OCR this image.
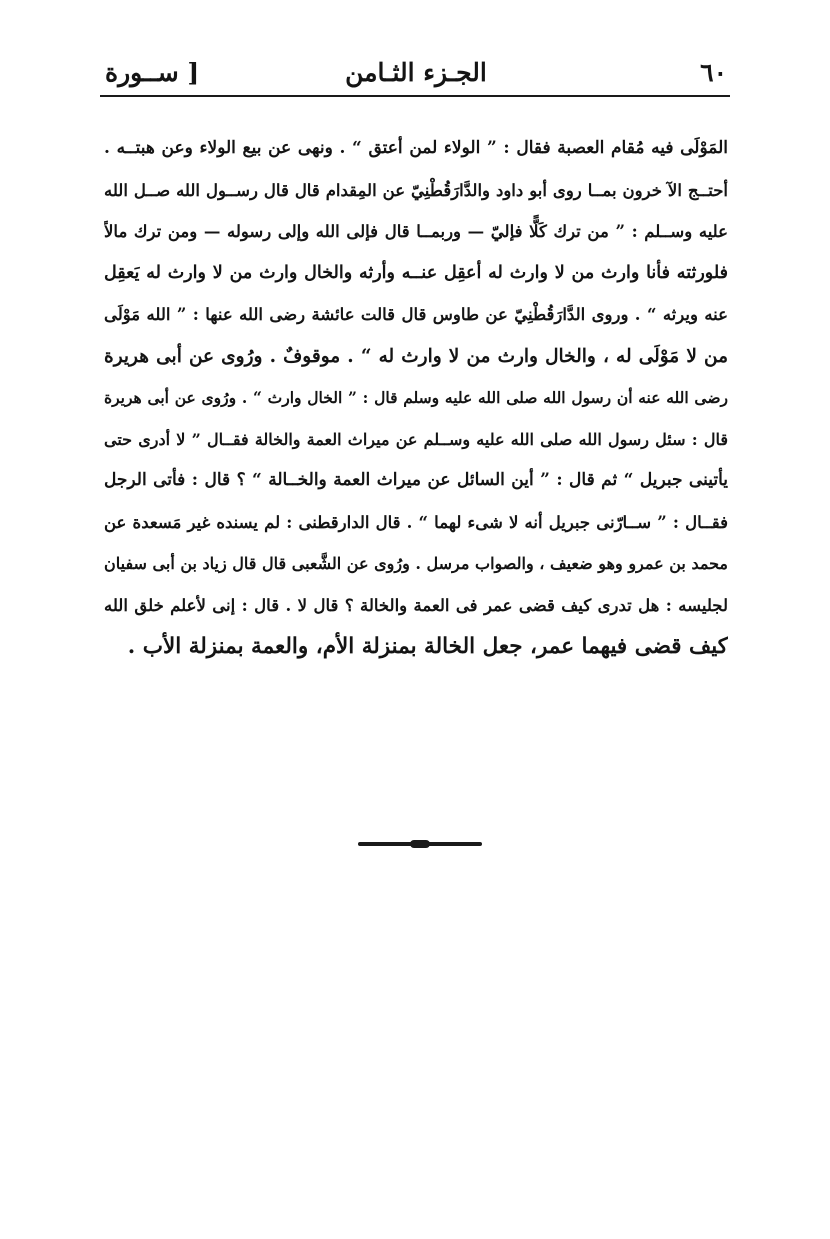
٦٠
الجـزء الثـامن
[ ســورة
المَوْلَى فيه مُقام العصبة فقال : ” الولاء لمن أعتق “ . ونهى عن بيع الولاء وعن هبتــه .
أحتــج الآ خرون بمــا روى أبو داود والدَّارَقُطْنِيّ عن المِقدام قال قال رســول الله صــل الله
عليه وســلم : ” من ترك كَلًّا فإليّ — وربمــا قال فإلى الله وإلى رسوله — ومن ترك مالاً
فلورثته فأنا وارث من لا وارث له أعقِل عنــه وأرثه والخال وارث من لا وارث له يَعقِل
عنه ويرثه “ . وروى الدَّارَقُطْنِيّ عن طاوس قال قالت عائشة رضى الله عنها : ” الله مَوْلَى
من لا مَوْلَى له ، والخال وارث من لا وارث له “ . موقوفٌ . ورُوى عن أبى هريرة
رضى الله عنه أن رسول الله صلى الله عليه وسلم قال : ” الخال وارث “ . ورُوى عن أبى هريرة
قال : سئل رسول الله صلى الله عليه وســلم عن ميراث العمة والخالة فقــال ” لا أدرى حتى
يأتينى جبريل “ ثم قال : ” أين السائل عن ميراث العمة والخــالة “ ؟ قال : فأتى الرجل
فقــال : ” ســارّنى جبريل أنه لا شىء لهما “ . قال الدارقطنى : لم يسنده غير مَسعدة عن
محمد بن عمرو وهو ضعيف ، والصواب مرسل . ورُوى عن الشَّعبى قال قال زياد بن أبى سفيان
لجليسه : هل تدرى كيف قضى عمر فى العمة والخالة ؟ قال لا . قال : إنى لأعلم خلق الله
كيف قضى فيهما عمر، جعل الخالة بمنزلة الأم، والعمة بمنزلة الأب .
